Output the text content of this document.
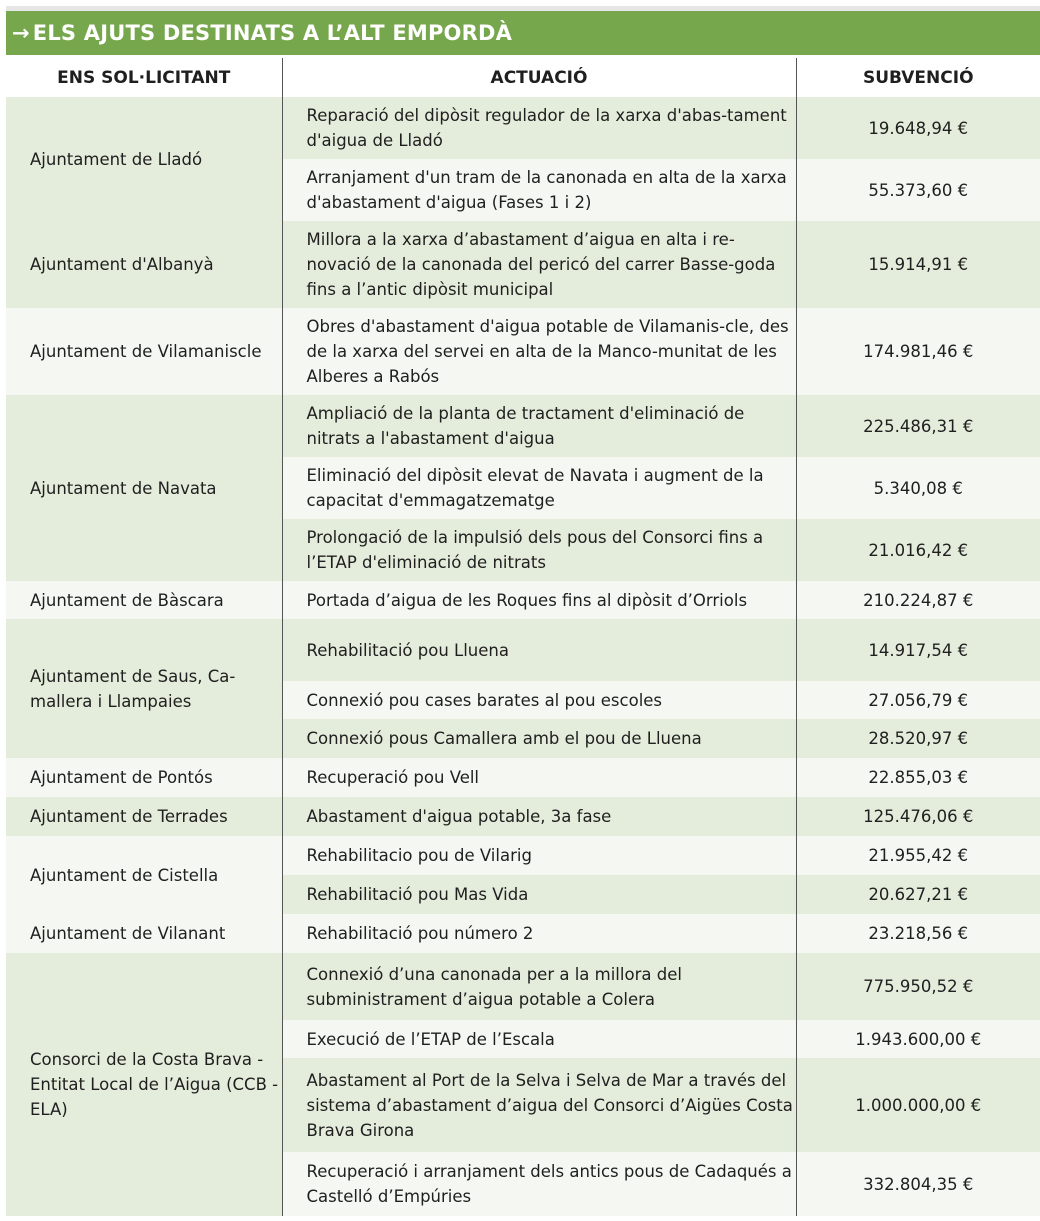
→ ELS AJUTS DESTINATS A L’ALT EMPORDÀ
ENS SOL·LICITANT	ACTUACIÓ	SUBVENCIÓ
Ajuntament de Lladó	Reparació del dipòsit regulador de la xarxa d'abas-tament d'aigua de Lladó	19.648,94 €
	Arranjament d'un tram de la canonada en alta de la xarxa d'abastament d'aigua (Fases 1 i 2)	55.373,60 €
Ajuntament d'Albanyà	Millora a la xarxa d’abastament d’aigua en alta i re-novació de la canonada del pericó del carrer Basse-goda fins a l’antic dipòsit municipal	15.914,91 €
Ajuntament de Vilamaniscle	Obres d'abastament d'aigua potable de Vilamanis-cle, des de la xarxa del servei en alta de la Manco-munitat de les Alberes a Rabós	174.981,46 €
Ajuntament de Navata	Ampliació de la planta de tractament d'eliminació de nitrats a l'abastament d'aigua	225.486,31 €
	Eliminació del dipòsit elevat de Navata i augment de la capacitat d'emmagatzematge	5.340,08 €
	Prolongació de la impulsió dels pous del Consorci fins a l’ETAP d'eliminació de nitrats	21.016,42 €
Ajuntament de Bàscara	Portada d’aigua de les Roques fins al dipòsit d’Orriols	210.224,87 €
Ajuntament de Saus, Ca-mallera i Llampaies	Rehabilitació pou Lluena	14.917,54 €
	Connexió pou cases barates al pou escoles	27.056,79 €
	Connexió pous Camallera amb el pou de Lluena	28.520,97 €
Ajuntament de Pontós	Recuperació pou Vell	22.855,03 €
Ajuntament de Terrades	Abastament d'aigua potable, 3a fase	125.476,06 €
Ajuntament de Cistella	Rehabilitacio pou de Vilarig	21.955,42 €
	Rehabilitació pou Mas Vida	20.627,21 €
Ajuntament de Vilanant	Rehabilitació pou número 2	23.218,56 €
Consorci de la Costa Brava - Entitat Local de l’Aigua (CCB - ELA)	Connexió d’una canonada per a la millora del subministrament d’aigua potable a Colera	775.950,52 €
	Execució de l’ETAP de l’Escala	1.943.600,00 €
	Abastament al Port de la Selva i Selva de Mar a través del sistema d’abastament d’aigua del Consorci d’Aigües Costa Brava Girona	1.000.000,00 €
	Recuperació i arranjament dels antics pous de Cadaqués a Castelló d’Empúries	332.804,35 €
